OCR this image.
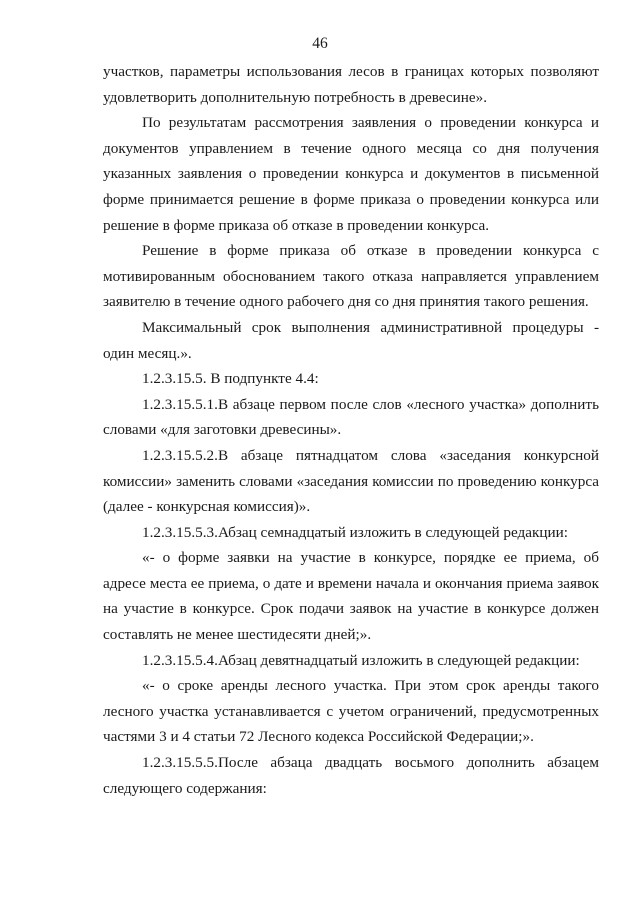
46

участков, параметры использования лесов в границах которых позволяют удовлетворить дополнительную потребность в древесине».

По результатам рассмотрения заявления о проведении конкурса и документов управлением в течение одного месяца со дня получения указанных заявления о проведении конкурса и документов в письменной форме принимается решение в форме приказа о проведении конкурса или решение в форме приказа об отказе в проведении конкурса.

Решение в форме приказа об отказе в проведении конкурса с мотивированным обоснованием такого отказа направляется управлением заявителю в течение одного рабочего дня со дня принятия такого решения.

Максимальный срок выполнения административной процедуры - один месяц.».

1.2.3.15.5. В подпункте 4.4:

1.2.3.15.5.1.В абзаце первом после слов «лесного участка» дополнить словами «для заготовки древесины».

1.2.3.15.5.2.В абзаце пятнадцатом слова «заседания конкурсной комиссии» заменить словами «заседания комиссии по проведению конкурса (далее - конкурсная комиссия)».

1.2.3.15.5.3.Абзац семнадцатый изложить в следующей редакции:

«- о форме заявки на участие в конкурсе, порядке ее приема, об адресе места ее приема, о дате и времени начала и окончания приема заявок на участие в конкурсе. Срок подачи заявок на участие в конкурсе должен составлять не менее шестидесяти дней;».

1.2.3.15.5.4.Абзац девятнадцатый изложить в следующей редакции:

«- о сроке аренды лесного участка. При этом срок аренды такого лесного участка устанавливается с учетом ограничений, предусмотренных частями 3 и 4 статьи 72 Лесного кодекса Российской Федерации;».

1.2.3.15.5.5.После абзаца двадцать восьмого дополнить абзацем следующего содержания:
